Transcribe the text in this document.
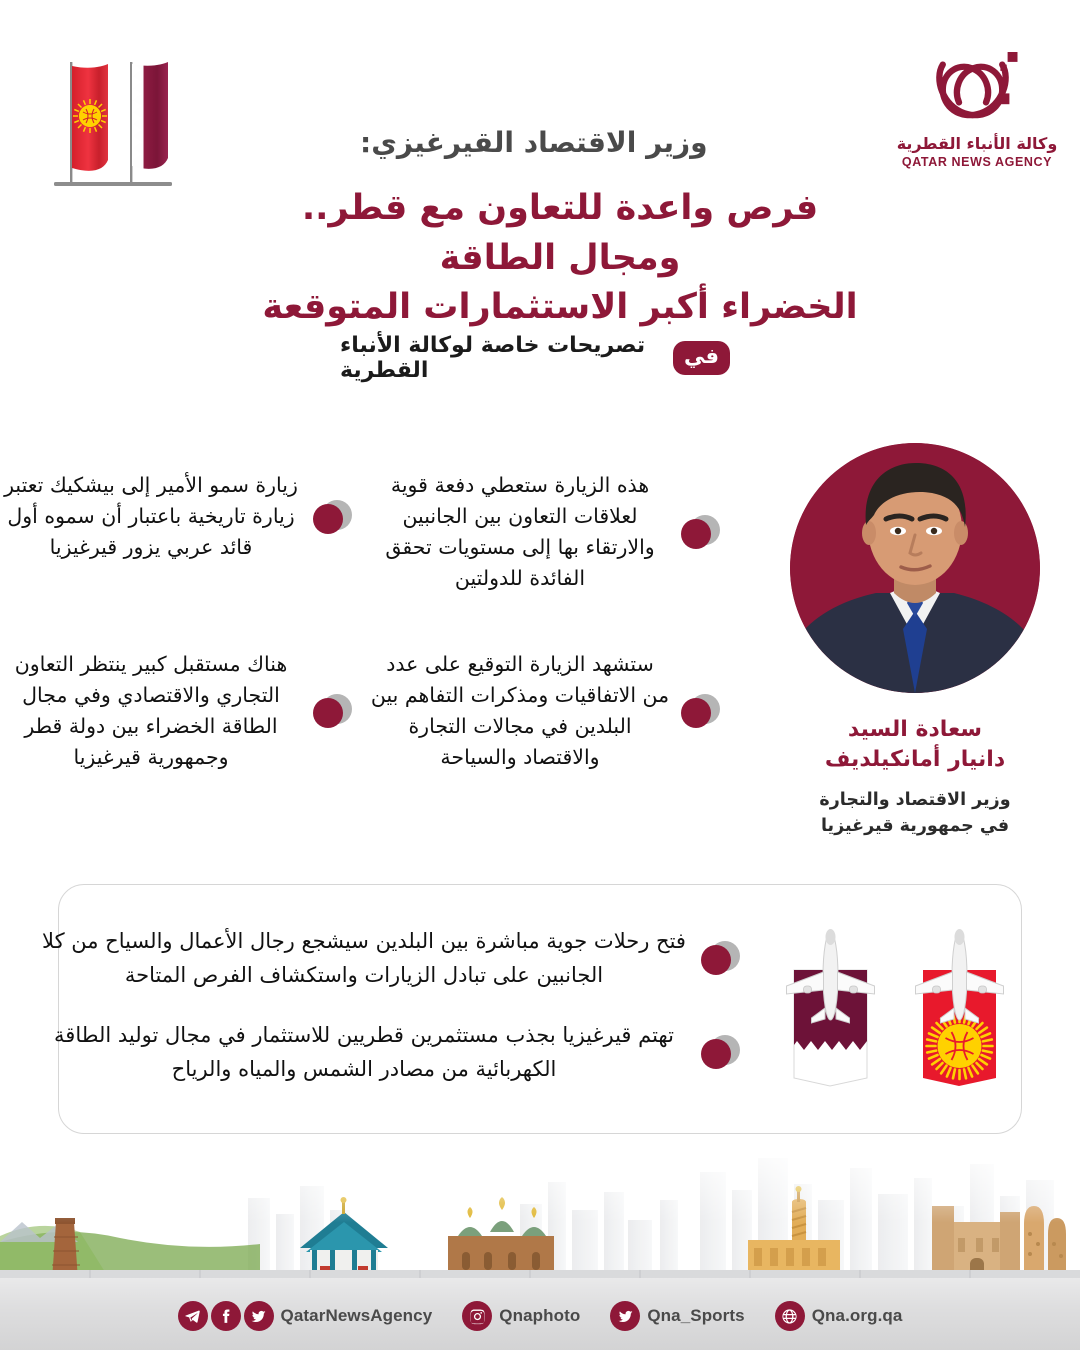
وكالة الأنباء القطرية
QATAR NEWS AGENCY
وزير الاقتصاد القيرغيزي:
فرص واعدة للتعاون مع قطر.. ومجال الطاقة
الخضراء أكبر الاستثمارات المتوقعة
في
تصريحات خاصة لوكالة الأنباء القطرية
زيارة سمو الأمير إلى بيشكيك تعتبر زيارة تاريخية باعتبار أن سموه أول قائد عربي يزور قيرغيزيا
هذه الزيارة ستعطي دفعة قوية لعلاقات التعاون بين الجانبين والارتقاء بها إلى مستويات تحقق الفائدة للدولتين
هناك مستقبل كبير ينتظر التعاون التجاري والاقتصادي وفي مجال الطاقة الخضراء بين دولة قطر وجمهورية قيرغيزيا
ستشهد الزيارة التوقيع على عدد من الاتفاقيات ومذكرات التفاهم بين البلدين في مجالات التجارة والاقتصاد والسياحة
سعادة السيد
دانيار أمانكيلديف
وزير الاقتصاد والتجارة
في جمهورية قيرغيزيا
فتح رحلات جوية مباشرة بين البلدين سيشجع رجال الأعمال والسياح من كلا الجانبين على تبادل الزيارات واستكشاف الفرص المتاحة
تهتم قيرغيزيا بجذب مستثمرين قطريين للاستثمار في مجال توليد الطاقة الكهربائية من مصادر الشمس والمياه والرياح
QatarNewsAgency	Qnaphoto	Qna_Sports	Qna.org.qa
